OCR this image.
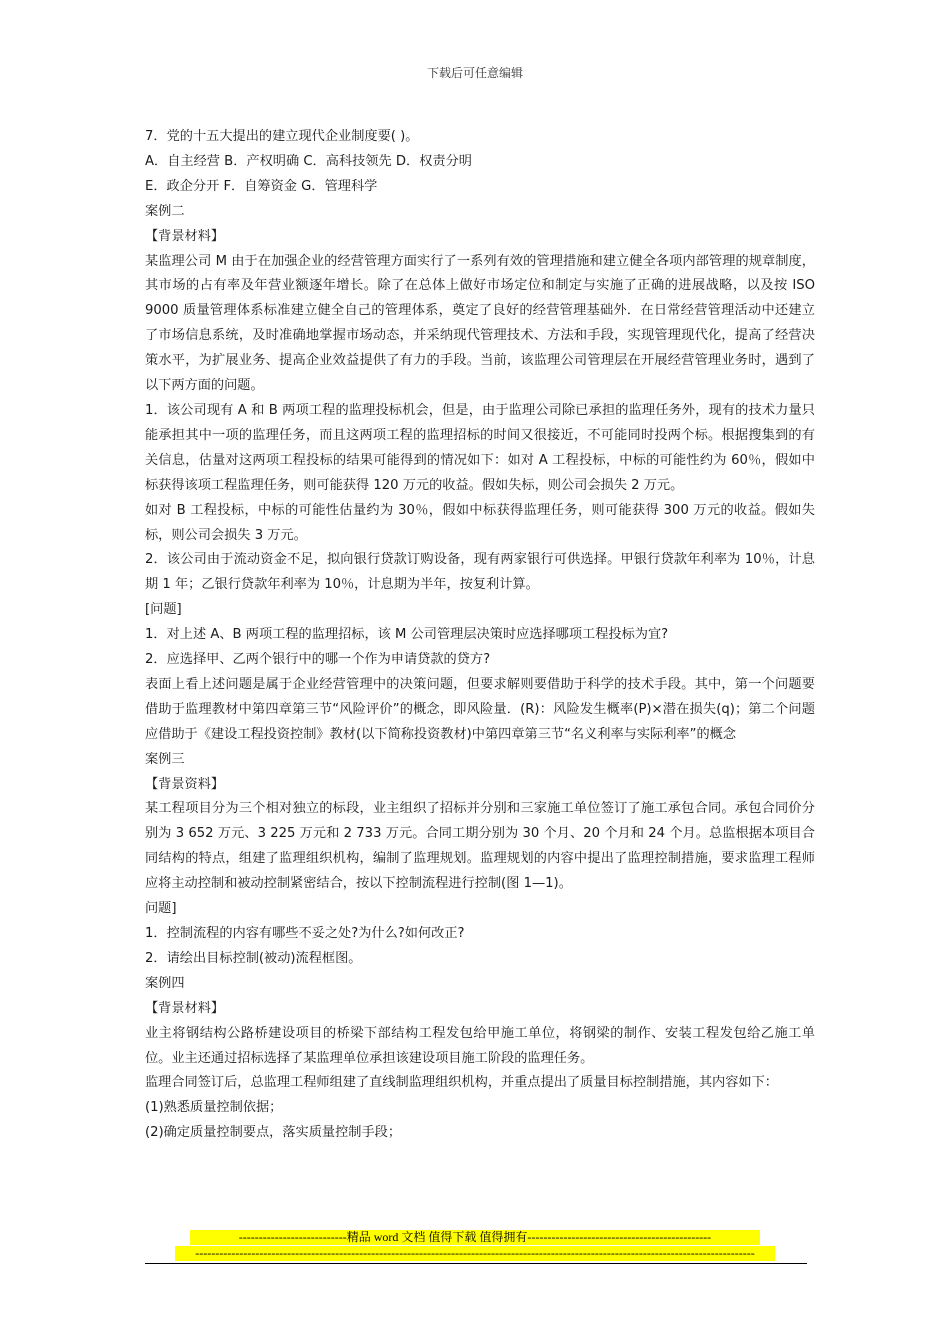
下载后可任意编辑

7．党的十五大提出的建立现代企业制度要( )。

A．自主经营 B．产权明确 C．高科技领先 D．权责分明

E．政企分开 F．自筹资金 G．管理科学

案例二

【背景材料】

某监理公司 M 由于在加强企业的经营管理方面实行了一系列有效的管理措施和建立健全各项内部管理的规章制度，其市场的占有率及年营业额逐年增长。除了在总体上做好市场定位和制定与实施了正确的进展战略，以及按 ISO 9000 质量管理体系标准建立健全自己的管理体系，奠定了良好的经营管理基础外．在日常经营管理活动中还建立了市场信息系统，及时准确地掌握市场动态，并采纳现代管理技术、方法和手段，实现管理现代化，提高了经营决策水平，为扩展业务、提高企业效益提供了有力的手段。当前，该监理公司管理层在开展经营管理业务时，遇到了以下两方面的问题。

1．该公司现有 A 和 B 两项工程的监理投标机会，但是，由于监理公司除已承担的监理任务外，现有的技术力量只能承担其中一项的监理任务，而且这两项工程的监理招标的时间又很接近，不可能同时投两个标。根据搜集到的有关信息，估量对这两项工程投标的结果可能得到的情况如下：如对 A 工程投标，中标的可能性约为 60％，假如中标获得该项工程监理任务，则可能获得 120 万元的收益。假如失标，则公司会损失 2 万元。

如对 B 工程投标，中标的可能性估量约为 30％，假如中标获得监理任务，则可能获得 300 万元的收益。假如失标，则公司会损失 3 万元。

2．该公司由于流动资金不足，拟向银行贷款订购设备，现有两家银行可供选择。甲银行贷款年利率为 10％，计息期 1 年；乙银行贷款年利率为 10％，计息期为半年，按复利计算。

[问题]

1．对上述 A、B 两项工程的监理招标，该 M 公司管理层决策时应选择哪项工程投标为宜?

2．应选择甲、乙两个银行中的哪一个作为申请贷款的贷方?

表面上看上述问题是属于企业经营管理中的决策问题，但要求解则要借助于科学的技术手段。其中，第一个问题要借助于监理教材中第四章第三节“风险评价”的概念，即风险量．(R)：风险发生概率(P)×潜在损失(q)；第二个问题应借助于《建设工程投资控制》教材(以下简称投资教材)中第四章第三节“名义利率与实际利率”的概念

案例三

【背景资料】

某工程项目分为三个相对独立的标段，业主组织了招标并分别和三家施工单位签订了施工承包合同。承包合同价分别为 3 652 万元、3 225 万元和 2 733 万元。合同工期分别为 30 个月、20 个月和 24 个月。总监根据本项目合同结构的特点，组建了监理组织机构，编制了监理规划。监理规划的内容中提出了监理控制措施，要求监理工程师应将主动控制和被动控制紧密结合，按以下控制流程进行控制(图 1—1)。

问题]

1．控制流程的内容有哪些不妥之处?为什么?如何改正?

2．请绘出目标控制(被动)流程框图。

案例四

【背景材料】

业主将钢结构公路桥建设项目的桥梁下部结构工程发包给甲施工单位，将钢梁的制作、安装工程发包给乙施工单位。业主还通过招标选择了某监理单位承担该建设项目施工阶段的监理任务。

监理合同签订后，总监理工程师组建了直线制监理组织机构，并重点提出了质量目标控制措施，其内容如下：

(1)熟悉质量控制依据；

(2)确定质量控制要点，落实质量控制手段；

---------------------------精品 word 文档 值得下载 值得拥有----------------------------------------------
--------------------------------------------------------------------------------------------------------------------------------------------
